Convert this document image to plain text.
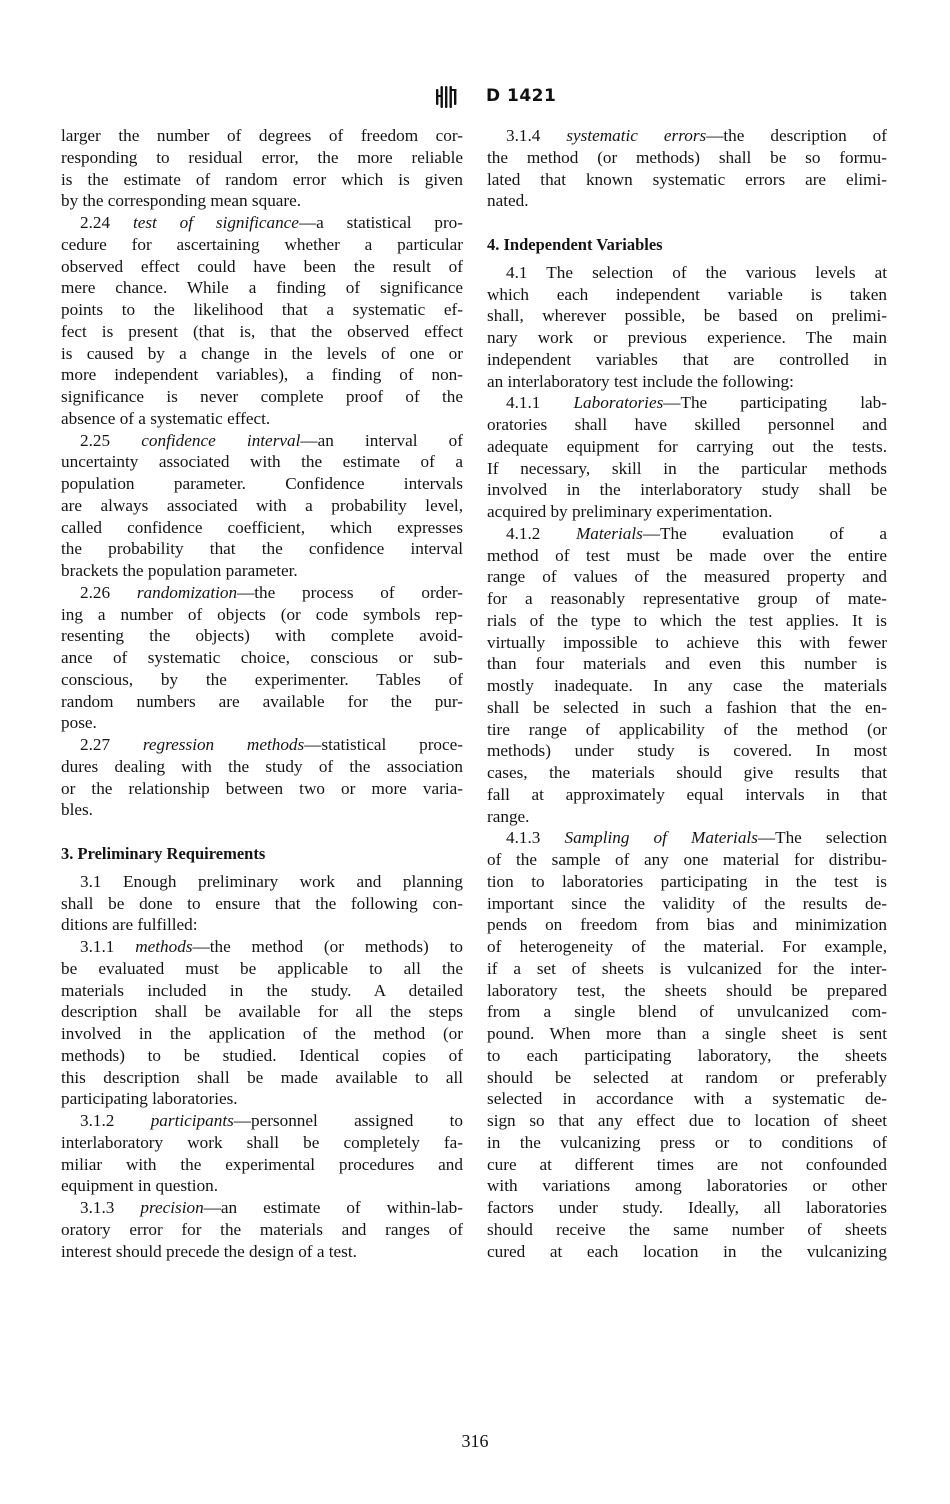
D 1421

larger the number of degrees of freedom cor-
responding to residual error, the more reliable
is the estimate of random error which is given
by the corresponding mean square.

2.24 test of significance—a statistical pro-
cedure for ascertaining whether a particular
observed effect could have been the result of
mere chance. While a finding of significance
points to the likelihood that a systematic ef-
fect is present (that is, that the observed effect
is caused by a change in the levels of one or
more independent variables), a finding of non-
significance is never complete proof of the
absence of a systematic effect.

2.25 confidence interval—an interval of
uncertainty associated with the estimate of a
population parameter. Confidence intervals
are always associated with a probability level,
called confidence coefficient, which expresses
the probability that the confidence interval
brackets the population parameter.

2.26 randomization—the process of order-
ing a number of objects (or code symbols rep-
resenting the objects) with complete avoid-
ance of systematic choice, conscious or sub-
conscious, by the experimenter. Tables of
random numbers are available for the pur-
pose.

2.27 regression methods—statistical proce-
dures dealing with the study of the association
or the relationship between two or more varia-
bles.

3. Preliminary Requirements

3.1 Enough preliminary work and planning
shall be done to ensure that the following con-
ditions are fulfilled:

3.1.1 methods—the method (or methods) to
be evaluated must be applicable to all the
materials included in the study. A detailed
description shall be available for all the steps
involved in the application of the method (or
methods) to be studied. Identical copies of
this description shall be made available to all
participating laboratories.

3.1.2 participants—personnel assigned to
interlaboratory work shall be completely fa-
miliar with the experimental procedures and
equipment in question.

3.1.3 precision—an estimate of within-lab-
oratory error for the materials and ranges of
interest should precede the design of a test.

3.1.4 systematic errors—the description of
the method (or methods) shall be so formu-
lated that known systematic errors are elimi-
nated.

4. Independent Variables

4.1 The selection of the various levels at
which each independent variable is taken
shall, wherever possible, be based on prelimi-
nary work or previous experience. The main
independent variables that are controlled in
an interlaboratory test include the following:

4.1.1 Laboratories—The participating lab-
oratories shall have skilled personnel and
adequate equipment for carrying out the tests.
If necessary, skill in the particular methods
involved in the interlaboratory study shall be
acquired by preliminary experimentation.

4.1.2 Materials—The evaluation of a
method of test must be made over the entire
range of values of the measured property and
for a reasonably representative group of mate-
rials of the type to which the test applies. It is
virtually impossible to achieve this with fewer
than four materials and even this number is
mostly inadequate. In any case the materials
shall be selected in such a fashion that the en-
tire range of applicability of the method (or
methods) under study is covered. In most
cases, the materials should give results that
fall at approximately equal intervals in that
range.

4.1.3 Sampling of Materials—The selection
of the sample of any one material for distribu-
tion to laboratories participating in the test is
important since the validity of the results de-
pends on freedom from bias and minimization
of heterogeneity of the material. For example,
if a set of sheets is vulcanized for the inter-
laboratory test, the sheets should be prepared
from a single blend of unvulcanized com-
pound. When more than a single sheet is sent
to each participating laboratory, the sheets
should be selected at random or preferably
selected in accordance with a systematic de-
sign so that any effect due to location of sheet
in the vulcanizing press or to conditions of
cure at different times are not confounded
with variations among laboratories or other
factors under study. Ideally, all laboratories
should receive the same number of sheets
cured at each location in the vulcanizing

316
